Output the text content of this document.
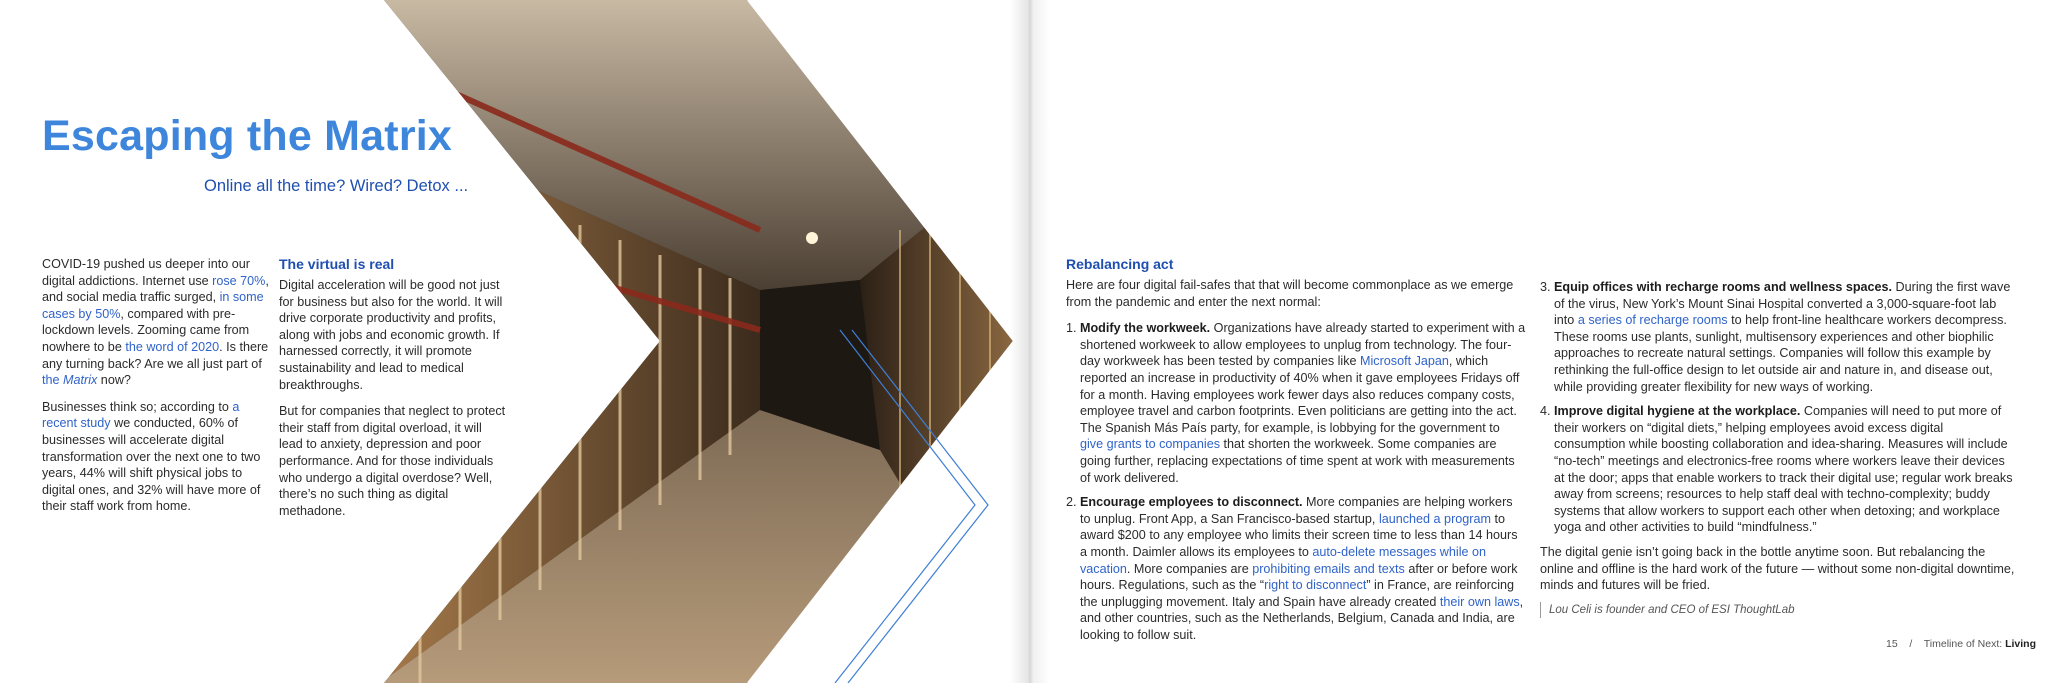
Escaping the Matrix
Online all the time? Wired? Detox ...

COVID-19 pushed us deeper into our digital addictions. Internet use rose 70%, and social media traffic surged, in some cases by 50%, compared with pre-lockdown levels. Zooming came from nowhere to be the word of 2020. Is there any turning back? Are we all just part of the Matrix now?

Businesses think so; according to a recent study we conducted, 60% of businesses will accelerate digital transformation over the next one to two years, 44% will shift physical jobs to digital ones, and 32% will have more of their staff work from home.

The virtual is real

Digital acceleration will be good not just for business but also for the world. It will drive corporate productivity and profits, along with jobs and economic growth. If harnessed correctly, it will promote sustainability and lead to medical breakthroughs.

But for companies that neglect to protect their staff from digital overload, it will lead to anxiety, depression and poor performance. And for those individuals who undergo a digital overdose? Well, there’s no such thing as digital methadone.

Rebalancing act

Here are four digital fail-safes that that will become commonplace as we emerge from the pandemic and enter the next normal:

1. Modify the workweek. Organizations have already started to experiment with a shortened workweek to allow employees to unplug from technology. The four-day workweek has been tested by companies like Microsoft Japan, which reported an increase in productivity of 40% when it gave employees Fridays off for a month. Having employees work fewer days also reduces company costs, employee travel and carbon footprints. Even politicians are getting into the act. The Spanish Más País party, for example, is lobbying for the government to give grants to companies that shorten the workweek. Some companies are going further, replacing expectations of time spent at work with measurements of work delivered.
2. Encourage employees to disconnect. More companies are helping workers to unplug. Front App, a San Francisco-based startup, launched a program to award $200 to any employee who limits their screen time to less than 14 hours a month. Daimler allows its employees to auto-delete messages while on vacation. More companies are prohibiting emails and texts after or before work hours. Regulations, such as the “right to disconnect” in France, are reinforcing the unplugging movement. Italy and Spain have already created their own laws, and other countries, such as the Netherlands, Belgium, Canada and India, are looking to follow suit.
3. Equip offices with recharge rooms and wellness spaces. During the first wave of the virus, New York’s Mount Sinai Hospital converted a 3,000-square-foot lab into a series of recharge rooms to help front-line healthcare workers decompress. These rooms use plants, sunlight, multisensory experiences and other biophilic approaches to recreate natural settings. Companies will follow this example by rethinking the full-office design to let outside air and nature in, and disease out, while providing greater flexibility for new ways of working.
4. Improve digital hygiene at the workplace. Companies will need to put more of their workers on “digital diets,” helping employees avoid excess digital consumption while boosting collaboration and idea-sharing. Measures will include “no-tech” meetings and electronics-free rooms where workers leave their devices at the door; apps that enable workers to track their digital use; regular work breaks away from screens; resources to help staff deal with techno-complexity; buddy systems that allow workers to support each other when detoxing; and workplace yoga and other activities to build “mindfulness.”

The digital genie isn’t going back in the bottle anytime soon. But rebalancing the online and offline is the hard work of the future — without some non-digital downtime, minds and futures will be fried.

Lou Celi is founder and CEO of ESI ThoughtLab
15 / Timeline of Next: Living
